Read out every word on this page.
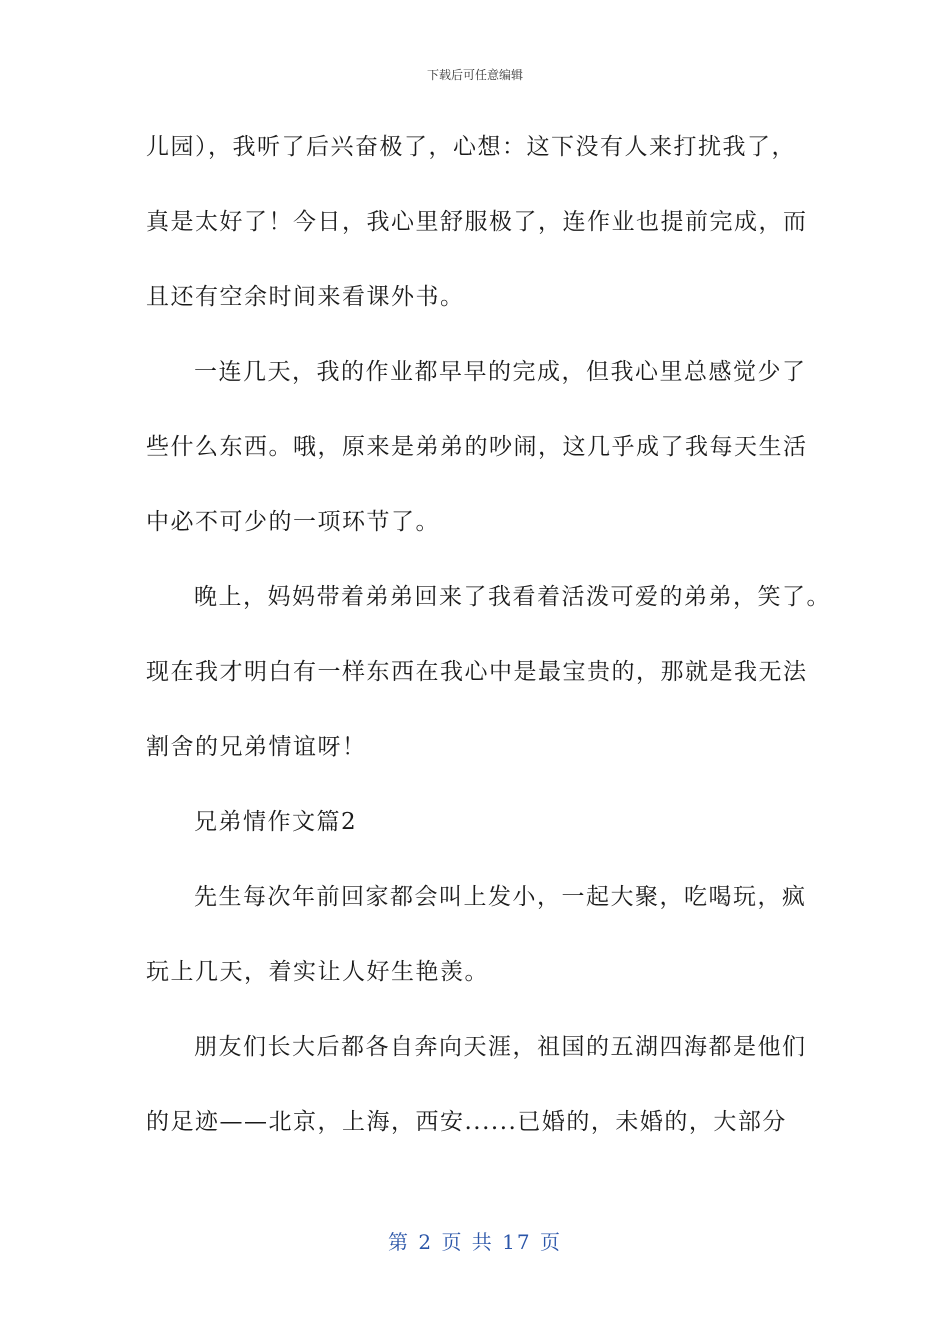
下载后可任意编辑
儿园），我听了后兴奋极了，心想：这下没有人来打扰我了，
真是太好了！今日，我心里舒服极了，连作业也提前完成，而
且还有空余时间来看课外书。
一连几天，我的作业都早早的完成，但我心里总感觉少了
些什么东西。哦，原来是弟弟的吵闹，这几乎成了我每天生活
中必不可少的一项环节了。
晚上，妈妈带着弟弟回来了我看着活泼可爱的弟弟，笑了。
现在我才明白有一样东西在我心中是最宝贵的，那就是我无法
割舍的兄弟情谊呀！
兄弟情作文篇2
先生每次年前回家都会叫上发小，一起大聚，吃喝玩，疯
玩上几天，着实让人好生艳羡。
朋友们长大后都各自奔向天涯，祖国的五湖四海都是他们
的足迹——北京，上海，西安......已婚的，未婚的，大部分
第 2 页 共 17 页
